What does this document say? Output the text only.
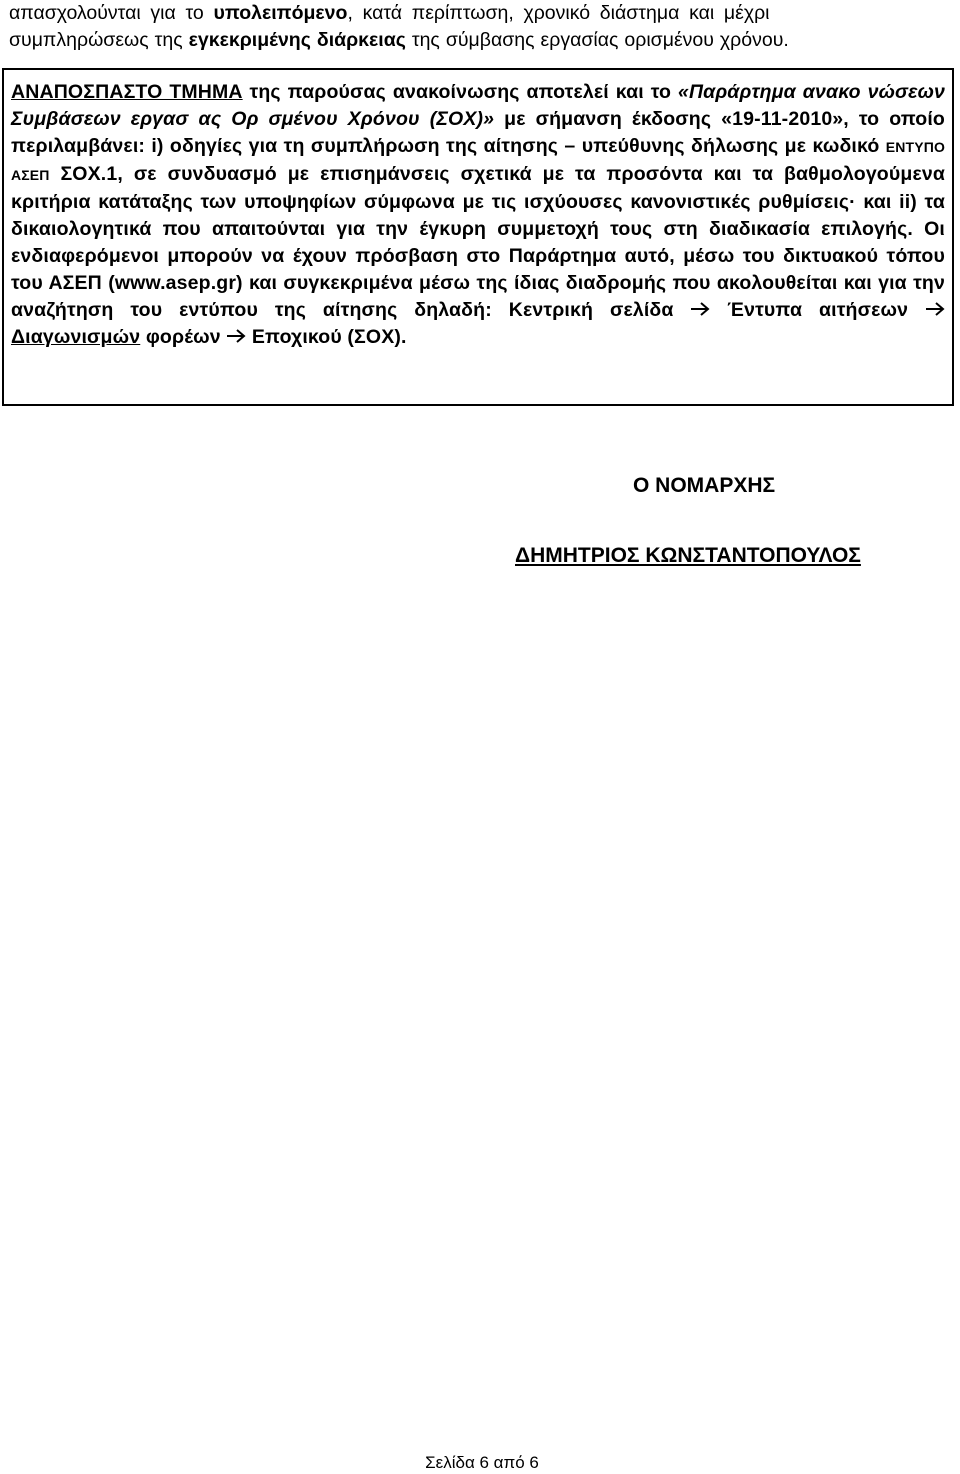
απασχολούνται για το υπολειπόμενο, κατά περίπτωση, χρονικό διάστημα και μέχρι
συμπληρώσεως της εγκεκριμένης διάρκειας της σύμβασης εργασίας ορισμένου χρόνου.

ΑΝΑΠΟΣΠΑΣΤΟ ΤΜΗΜΑ της παρούσας ανακοίνωσης αποτελεί και το «Παράρτημα ανακο νώσεων Συμβάσεων εργασ ας Ορ σμένου Χρόνου (ΣΟΧ)» με σήμανση έκδοσης «19-11-2010», το οποίο περιλαμβάνει: i) οδηγίες για τη συμπλήρωση της αίτησης – υπεύθυνης δήλωσης με κωδικό ΕΝΤΥΠΟ ΑΣΕΠ ΣΟΧ.1, σε συνδυασμό με επισημάνσεις σχετικά με τα προσόντα και τα βαθμολογούμενα κριτήρια κατάταξης των υποψηφίων σύμφωνα με τις ισχύουσες κανονιστικές ρυθμίσεις· και ii) τα δικαιολογητικά που απαιτούνται για την έγκυρη συμμετοχή τους στη διαδικασία επιλογής. Οι ενδιαφερόμενοι μπορούν να έχουν πρόσβαση στο Παράρτημα αυτό, μέσω του δικτυακού τόπου του ΑΣΕΠ (www.asep.gr) και συγκεκριμένα μέσω της ίδιας διαδρομής που ακολουθείται και για την αναζήτηση του εντύπου της αίτησης δηλαδή: Κεντρική σελίδα
Έντυπα αιτήσεων
Διαγωνισμών φορέων
Εποχικού (ΣΟΧ).

Ο ΝΟΜΑΡΧΗΣ
ΔΗΜΗΤΡΙΟΣ ΚΩΝΣΤΑΝΤΟΠΟΥΛΟΣ
Σελίδα 6 από 6
